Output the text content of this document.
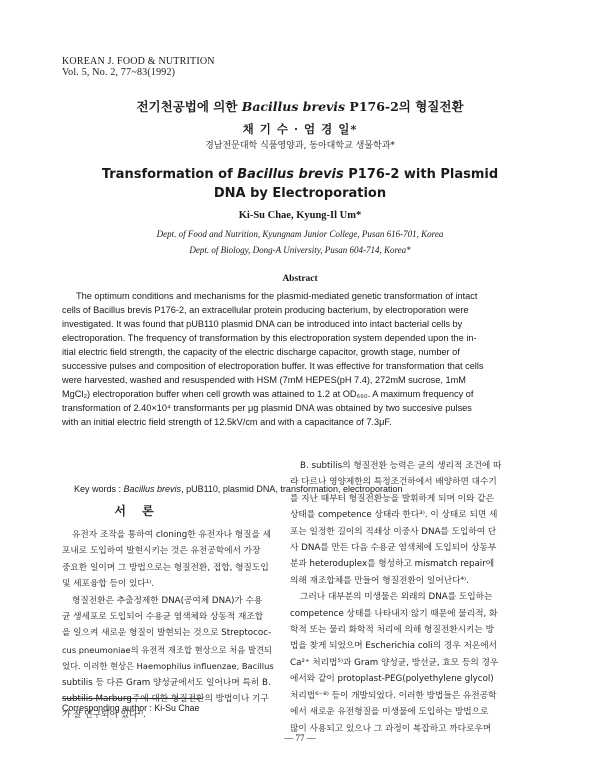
KOREAN J. FOOD & NUTRITION
Vol. 5, No. 2, 77~83(1992)
전기천공법에 의한 Bacillus brevis P176-2의 형질전환
채 기 수 · 엄 경 일*
경남전문대학 식품영양과, 동아대학교 생물학과*
Transformation of Bacillus brevis P176-2 with Plasmid
DNA by Electroporation
Ki-Su Chae, Kyung-Il Um*
Dept. of Food and Nutrition, Kyungnam Junior College, Pusan 616-701, Korea
Dept. of Biology, Dong-A University, Pusan 604-714, Korea*
Abstract
The optimum conditions and mechanisms for the plasmid-mediated genetic transformation of intact
cells of Bacillus brevis P176-2, an extracellular protein producing bacterium, by electroporation were
investigated. It was found that pUB110 plasmid DNA can be introduced into intact bacterial cells by
electroporation. The frequency of transformation by this electroporation system depended upon the in-
itial electric field strength, the capacity of the electric discharge capacitor, growth stage, number of
successive pulses and composition of electroporation buffer. It was effective for transformation that cells
were harvested, washed and resuspended with HSM (7mM HEPES(pH 7.4), 272mM sucrose, 1mM
MgCl₂) electroporation buffer when cell growth was attained to 1.2 at OD₆₆₀. A maximum frequency of
transformation of 2.40×10⁴ transformants per μg plasmid DNA was obtained by two succesive pulses
with an initial electric field strength of 12.5kV/cm and with a capacitance of 7.3μF.
Key words : Bacillus brevis, pUB110, plasmid DNA, transformation, electroporation
서 론
유전자 조작을 통하여 cloning한 유전자나 형질을 세
포내로 도입하여 발현시키는 것은 유전공학에서 가장
중요한 일이며 그 방법으로는 형질전환, 접합, 형질도입
및 세포융합 등이 있다¹⁾.
형질전환은 추출정제한 DNA(공여체 DNA)가 수용
균 생세포로 도입되어 수용균 염색체와 상동적 재조합
을 일으켜 새로운 형질이 발현되는 것으로 Streptococ-
cus pneumoniae의 유전적 재조합 현상으로 처음 발견되
었다. 이러한 현상은 Haemophilus influenzae, Bacillus
subtilis 등 다른 Gram 양성균에서도 일어나며 특히 B.
subtilis Marburg주에 대한 형질전환의 방법이나 기구
가 잘 연구되어 있다²⁾.
B. subtilis의 형질전환 능력은 균의 생리적 조건에 따
라 다르나 영양제한의 특정조건하에서 배양하면 대수기
를 지난 때부터 형질전환능을 발휘하게 되며 이와 같은
상태를 competence 상태라 한다³⁾. 이 상태로 되면 세
포는 일정한 길이의 직쇄상 이중사 DNA를 도입하여 단
사 DNA를 만든 다음 수용균 염색체에 도입되어 상동부
분과 heteroduplex를 형성하고 mismatch repair에
의해 재조합체를 만들어 형질전환이 일어난다⁴⁾.
그러나 대부분의 미생물은 외래의 DNA를 도입하는
competence 상태를 나타내지 않기 때문에 물리적, 화
학적 또는 물리 화학적 처리에 의해 형질전환시키는 방
법을 찾게 되었으며 Escherichia coli의 경우 저온에서
Ca²⁺ 처리법⁵⁾과 Gram 양성균, 방선균, 효모 등의 경우
에서와 같이 protoplast-PEG(polyethylene glycol)
처리법⁶⁻⁸⁾ 등이 개발되었다. 이러한 방법들은 유전공학
에서 새로운 유전형질을 미생물에 도입하는 방법으로
많이 사용되고 있으나 그 과정이 복잡하고 까다로우며
Corresponding author : Ki-Su Chae
— 77 —
